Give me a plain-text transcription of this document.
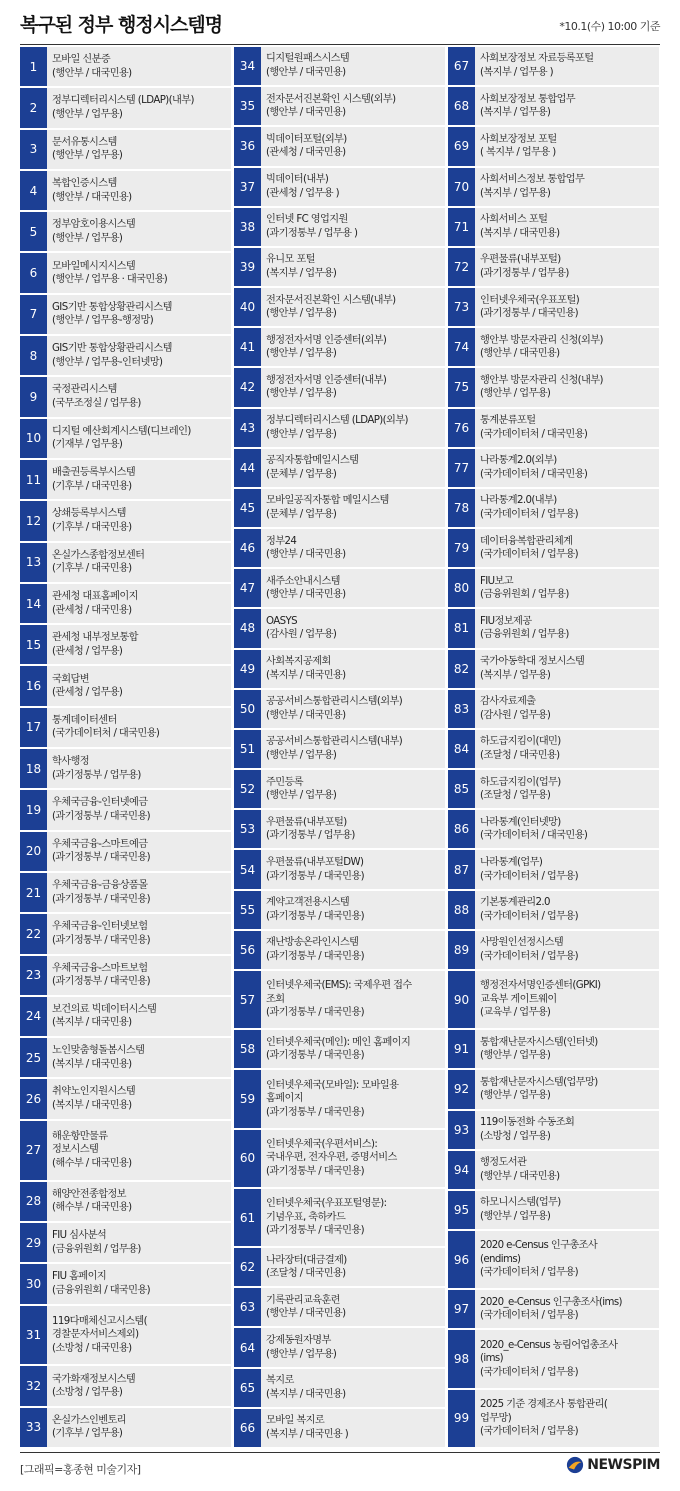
복구된 정부 행정시스템명	*10.1(수) 10:00 기준
1
모바일 신분증
(행안부 / 대국민용)
2
정부디렉터리시스템 (LDAP)(내부)
(행안부 / 업무용)
3
문서유통시스템
(행안부 / 업무용)
4
복합인증시스템
(행안부 / 대국민용)
5
정부암호이용시스템
(행안부 / 업무용)
6
모바일메시지시스템
(행안부 / 업무용 · 대국민용)
7
GIS기반 통합상황관리시스템
(행안부 / 업무용-행정망)
8
GIS기반 통합상황관리시스템
(행안부 / 업무용-인터넷망)
9
국정관리시스템
(국무조정실 / 업무용)
10
디지털 예산회계시스템(디브레인)
(기재부 / 업무용)
11
배출권등록부시스템
(기후부 / 대국민용)
12
상쇄등록부시스템
(기후부 / 대국민용)
13
온실가스종합정보센터
(기후부 / 대국민용)
14
관세청 대표홈페이지
(관세청 / 대국민용)
15
관세청 내부정보통합
(관세청 / 업무용)
16
국회답변
(관세청 / 업무용)
17
통계데이터센터
(국가데이터처 / 대국민용)
18
학사행정
(과기정통부 / 업무용)
19
우체국금융-인터넷예금
(과기정통부 / 대국민용)
20
우체국금융-스마트예금
(과기정통부 / 대국민용)
21
우체국금융-금융상품몰
(과기정통부 / 대국민용)
22
우체국금융-인터넷보험
(과기정통부 / 대국민용)
23
우체국금융-스마트보험
(과기정통부 / 대국민용)
24
보건의료 빅데이터시스템
(복지부 / 대국민용)
25
노인맞춤형돌봄시스템
(복지부 / 대국민용)
26
취약노인지원시스템
(복지부 / 대국민용)
27
해운항만물류
정보시스템
(해수부 / 대국민용)
28
해양안전종합정보
(해수부 / 대국민용)
29
FIU 심사분석
(금융위원회 / 업무용)
30
FIU 홈페이지
(금융위원회 / 대국민용)
31
119다매체신고시스템(
경찰문자서비스제외)
(소방청 / 대국민용)
32
국가화재정보시스템
(소방청 / 업무용)
33
온실가스인벤토리
(기후부 / 업무용)
34
디지털원패스시스템
(행안부 / 대국민용)
35
전자문서진본확인 시스템(외부)
(행안부 / 대국민용)
36
빅데이터포털(외부)
(관세청 / 대국민용)
37
빅데이터(내부)
(관세청 / 업무용 )
38
인터넷 FC 영업지원
(과기정통부 / 업무용 )
39
유니모 포털
(복지부 / 업무용)
40
전자문서진본확인 시스템(내부)
(행안부 / 업무용)
41
행정전자서명 인증센터(외부)
(행안부 / 업무용)
42
행정전자서명 인증센터(내부)
(행안부 / 업무용)
43
정부디렉터리시스템 (LDAP)(외부)
(행안부 / 업무용)
44
공직자통합메일시스템
(문체부 / 업무용)
45
모바일공직자통합 메일시스템
(문체부 / 업무용)
46
정부24
(행안부 / 대국민용)
47
새주소안내시스템
(행안부 / 대국민용)
48
OASYS
(감사원 / 업무용)
49
사회복지공제회
(복지부 / 대국민용)
50
공공서비스통합관리시스템(외부)
(행안부 / 대국민용)
51
공공서비스통합관리시스템(내부)
(행안부 / 업무용)
52
주민등록
(행안부 / 업무용)
53
우편물류(내부포털)
(과기정통부 / 업무용)
54
우편물류(내부포털DW)
(과기정통부 / 대국민용)
55
계약고객전용시스템
(과기정통부 / 대국민용)
56
재난방송온라인시스템
(과기정통부 / 대국민용)
57
인터넷우체국(EMS): 국제우편 접수
조회
(과기정통부 / 대국민용)
58
인터넷우체국(메인): 메인 홈페이지
(과기정통부 / 대국민용)
59
인터넷우체국(모바일): 모바일용
홈페이지
(과기정통부 / 대국민용)
60
인터넷우체국(우편서비스):
국내우편, 전자우편, 증명서비스
(과기정통부 / 대국민용)
61
인터넷우체국(우표포털영문):
기념우표, 축하카드
(과기정통부 / 대국민용)
62
나라장터(대금결제)
(조달청 / 대국민용)
63
기록관리교육훈련
(행안부 / 대국민용)
64
강제동원자명부
(행안부 / 업무용)
65
복지로
(복지부 / 대국민용)
66
모바일 복지로
(복지부 / 대국민용 )
67
사회보장정보 자료등록포털
(복지부 / 업무용 )
68
사회보장정보 통합업무
(복지부 / 업무용)
69
사회보장정보 포털
( 복지부 / 업무용 )
70
사회서비스정보 통합업무
(복지부 / 업무용)
71
사회서비스 포털
(복지부 / 대국민용)
72
우편물류(내부포털)
(과기정통부 / 업무용)
73
인터넷우체국(우표포털)
(과기정통부 / 대국민용)
74
행안부 방문자관리 신청(외부)
(행안부 / 대국민용)
75
행안부 방문자관리 신청(내부)
(행안부 / 업무용)
76
통계분류포털
(국가데이터처 / 대국민용)
77
나라통계2.0(외부)
(국가데이터처 / 대국민용)
78
나라통계2.0(내부)
(국가데이터처 / 업무용)
79
데이터융복합관리체계
(국가데이터처 / 업무용)
80
FIU보고
(금융위원회 / 업무용)
81
FIU정보제공
(금융위원회 / 업무용)
82
국가아동학대 정보시스템
(복지부 / 업무용)
83
감사자료제출
(감사원 / 업무용)
84
하도급지킴이(대민)
(조달청 / 대국민용)
85
하도급지킴이(업무)
(조달청 / 업무용)
86
나라통계(인터넷망)
(국가데이터처 / 대국민용)
87
나라통계(업무)
(국가데이터처 / 업무용)
88
기본통계관리2.0
(국가데이터처 / 업무용)
89
사망원인선정시스템
(국가데이터처 / 업무용)
90
행정전자서명인증센터(GPKI)
교육부 게이트웨이
(교육부 / 업무용)
91
통합재난문자시스템(인터넷)
(행안부 / 업무용)
92
통합재난문자시스템(업무망)
(행안부 / 업무용)
93
119이동전화 수동조회
(소방청 / 업무용)
94
행정도서관
(행안부 / 대국민용)
95
하모니시스템(업무)
(행안부 / 업무용)
96
2020 e-Census 인구총조사
(endims)
(국가데이터처 / 업무용)
97
2020_e-Census 인구총조사(ims)
(국가데이터처 / 업무용)
98
2020_e-Census 농림어업총조사
(ims)
(국가데이터처 / 업무용)
99
2025 기준 경제조사 통합관리(
업무망)
(국가데이터처 / 업무용)
[그래픽=홍종현 미술기자]	NEWSPIM
